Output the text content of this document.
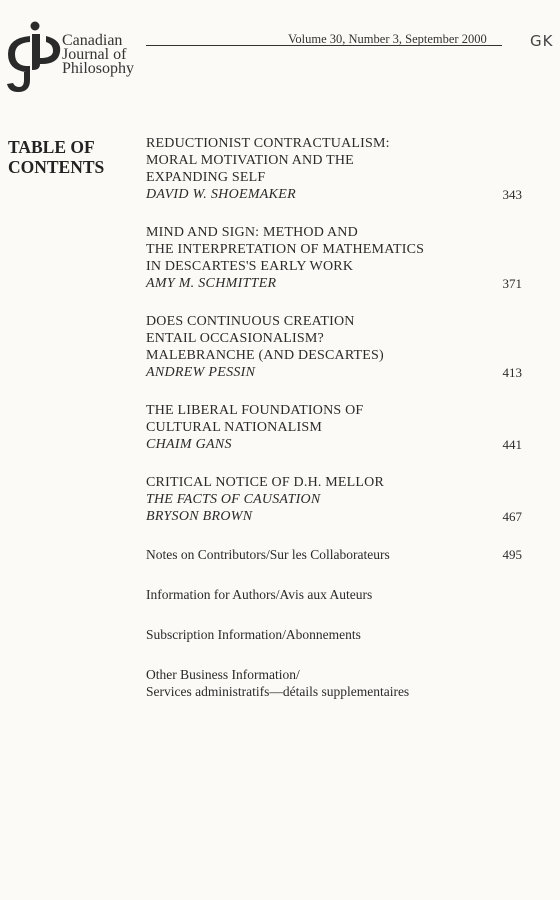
Canadian
Journal of
Philosophy
Volume 30, Number 3, September 2000	GK
TABLE OF
CONTENTS
REDUCTIONIST CONTRACTUALISM:
MORAL MOTIVATION AND THE
EXPANDING SELF
DAVID W. SHOEMAKER	343
MIND AND SIGN: METHOD AND
THE INTERPRETATION OF MATHEMATICS
IN DESCARTES'S EARLY WORK
AMY M. SCHMITTER	371
DOES CONTINUOUS CREATION
ENTAIL OCCASIONALISM?
MALEBRANCHE (AND DESCARTES)
ANDREW PESSIN	413
THE LIBERAL FOUNDATIONS OF
CULTURAL NATIONALISM
CHAIM GANS	441
CRITICAL NOTICE OF D.H. MELLOR
THE FACTS OF CAUSATION
BRYSON BROWN	467
Notes on Contributors/Sur les Collaborateurs	495
Information for Authors/Avis aux Auteurs
Subscription Information/Abonnements
Other Business Information/
Services administratifs—détails supplementaires
